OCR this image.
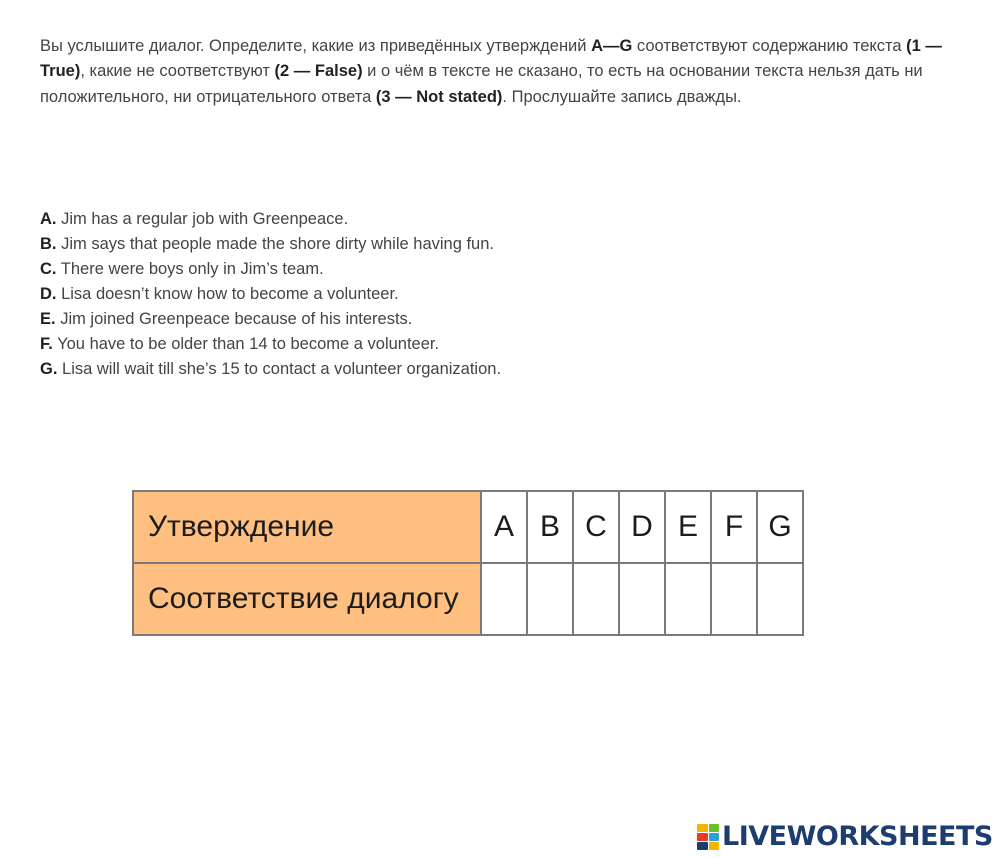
Вы услышите диалог. Определите, какие из приведённых утверждений А—G соответствуют содержанию текста (1 — True), какие не соответствуют (2 — False) и о чём в тексте не сказано, то есть на основании текста нельзя дать ни положительного, ни отрицательного ответа (3 — Not stated). Прослушайте запись дважды.

A. Jim has a regular job with Greenpeace.
B. Jim says that people made the shore dirty while having fun.
C. There were boys only in Jim’s team.
D. Lisa doesn’t know how to become a volunteer.
E. Jim joined Greenpeace because of his interests.
F. You have to be older than 14 to become a volunteer.
G. Lisa will wait till she’s 15 to contact a volunteer organization.
Утверждение	A	B	C	D	E	F	G
Соответствие диалогу							
LIVEWORKSHEETS
